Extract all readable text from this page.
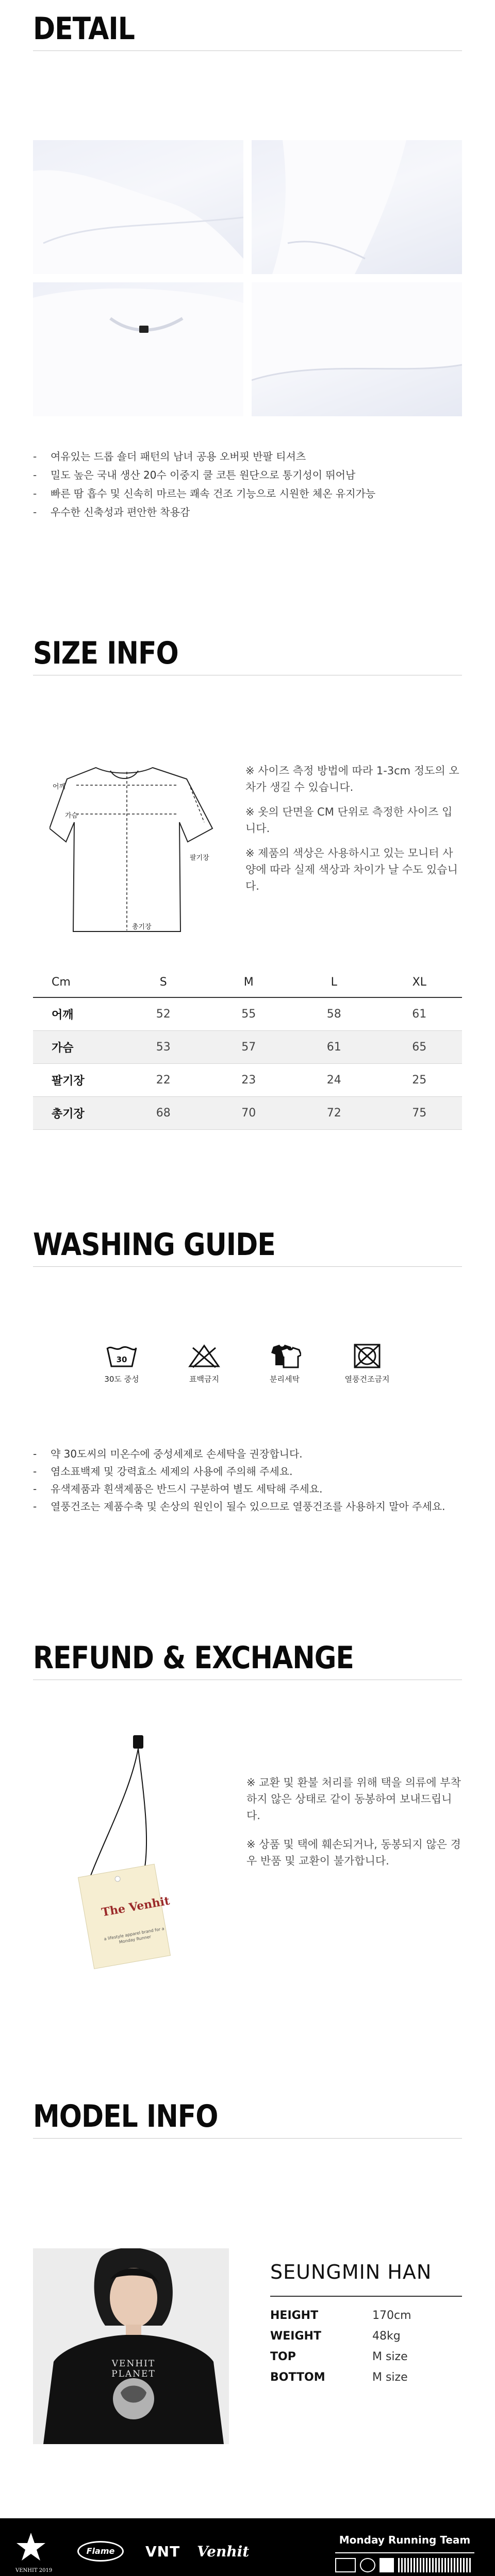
DETAIL
- 여유있는 드롭 숄더 패턴의 남녀 공용 오버핏 반팔 티셔츠
- 밀도 높은 국내 생산 20수 이중지 쿨 코튼 원단으로 통기성이 뛰어남
- 빠른 땀 흡수 및 신속히 마르는 쾌속 건조 기능으로 시원한 체온 유지가능
- 우수한 신축성과 편안한 착용감
SIZE INFO
어깨
가슴
팔기장
총기장

※ 사이즈 측정 방법에 따라 1-3cm 정도의 오차가 생길 수 있습니다.

※ 옷의 단면을 CM 단위로 측정한 사이즈 입니다.

※ 제품의 색상은 사용하시고 있는 모니터 사양에 따라 실제 색상과 차이가 날 수도 있습니다.

Cm	S	M	L	XL
어깨	52	55	58	61
가슴	53	57	61	65
팔기장	22	23	24	25
총기장	68	70	72	75
WASHING GUIDE
30
30도 중성	표백금지	분리세탁	열풍건조금지
- 약 30도씨의 미온수에 중성세제로 손세탁을 권장합니다.
- 염소표백제 및 강력효소 세제의 사용에 주의해 주세요.
- 유색제품과 흰색제품은 반드시 구분하여 별도 세탁해 주세요.
- 열풍건조는 제품수축 및 손상의 원인이 될수 있으므로 열풍건조를 사용하지 말아 주세요.
REFUND & EXCHANGE
The Venhit
a lifestyle apparel brand for a Monday Runner

※ 교환 및 환불 처리를 위해 택을 의류에 부착하지 않은 상태로 같이 동봉하여 보내드립니다.

※ 상품 및 택에 훼손되거나, 동봉되지 않은 경우 반품 및 교환이 불가합니다.

MODEL INFO
VENHIT PLANET
SEUNGMIN HAN
HEIGHT	170cm
WEIGHT	48kg
TOP	M size
BOTTOM	M size
VENHIT 2019
Flame	VNT Venhit
Monday Running Team
